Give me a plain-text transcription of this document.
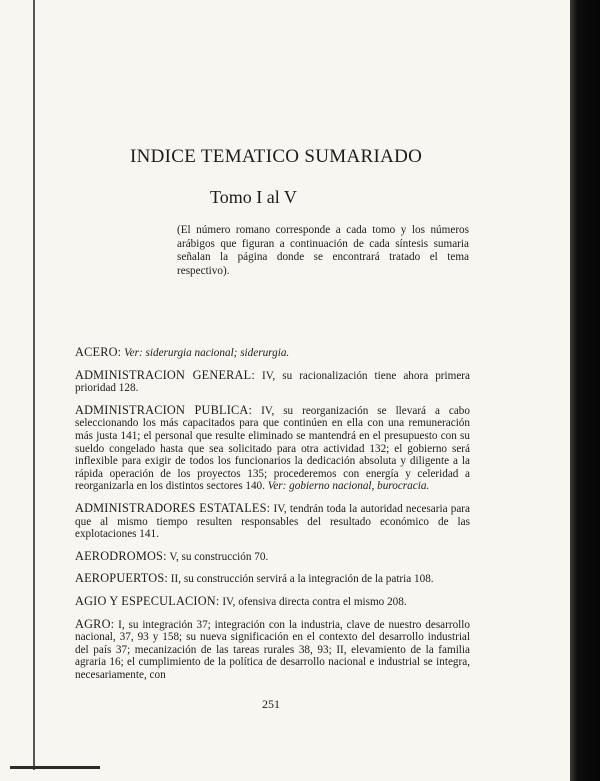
INDICE TEMATICO SUMARIADO
Tomo I al V
(El número romano corresponde a cada tomo y los números arábigos que figuran a continuación de cada síntesis sumaria señalan la página donde se encontrará tratado el tema respectivo).

ACERO: Ver: siderurgia nacional; siderurgia.

ADMINISTRACION GENERAL: IV, su racionalización tiene ahora primera prioridad 128.

ADMINISTRACION PUBLICA: IV, su reorganización se llevará a cabo seleccionando los más capacitados para que continúen en ella con una remuneración más justa 141; el personal que resulte eliminado se mantendrá en el presupuesto con su sueldo congelado hasta que sea solicitado para otra actividad 132; el gobierno será inflexible para exigir de todos los funcionarios la dedicación absoluta y diligente a la rápida operación de los proyectos 135; procederemos con energía y celeridad a reorganizarla en los distintos sectores 140. Ver: gobierno nacional, burocracia.

ADMINISTRADORES ESTATALES: IV, tendrán toda la autoridad necesaria para que al mismo tiempo resulten responsables del resultado económico de las explotaciones 141.

AERODROMOS: V, su construcción 70.

AEROPUERTOS: II, su construcción servirá a la integración de la patria 108.

AGIO Y ESPECULACION: IV, ofensiva directa contra el mismo 208.

AGRO: I, su integración 37; integración con la industria, clave de nuestro desarrollo nacional, 37, 93 y 158; su nueva significación en el contexto del desarrollo industrial del país 37; mecanización de las tareas rurales 38, 93; II, elevamiento de la familia agraria 16; el cumplimiento de la política de desarrollo nacional e industrial se integra, necesariamente, con

251
